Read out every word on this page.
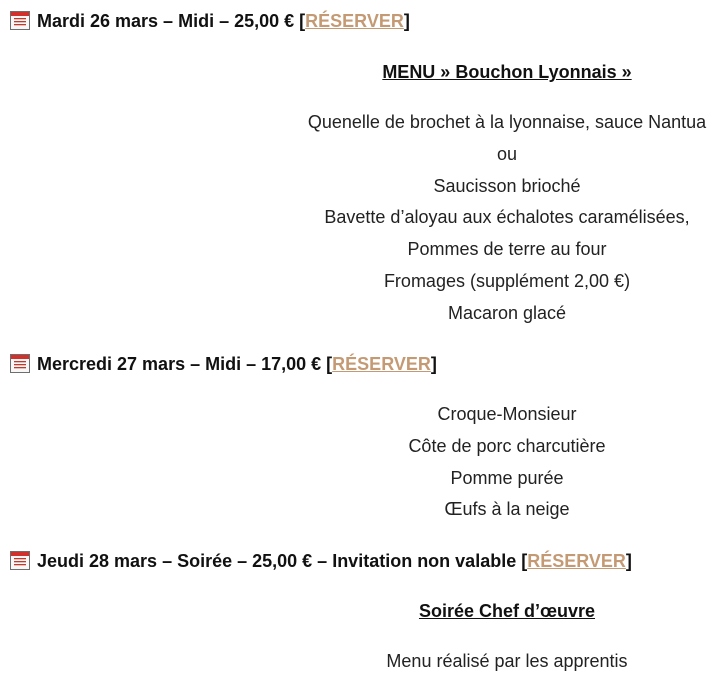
Mardi 26 mars – Midi – 25,00 € [RÉSERVER]
MENU » Bouchon Lyonnais »
Quenelle de brochet à la lyonnaise, sauce Nantua
ou
Saucisson brioché
Bavette d’aloyau aux échalotes caramélisées,
Pommes de terre au four
Fromages (supplément 2,00 €)
Macaron glacé
Mercredi 27 mars – Midi – 17,00 € [RÉSERVER]
Croque-Monsieur
Côte de porc charcutière
Pomme purée
Œufs à la neige
Jeudi 28 mars – Soirée – 25,00 € – Invitation non valable [RÉSERVER]
Soirée Chef d’œuvre
Menu réalisé par les apprentis
